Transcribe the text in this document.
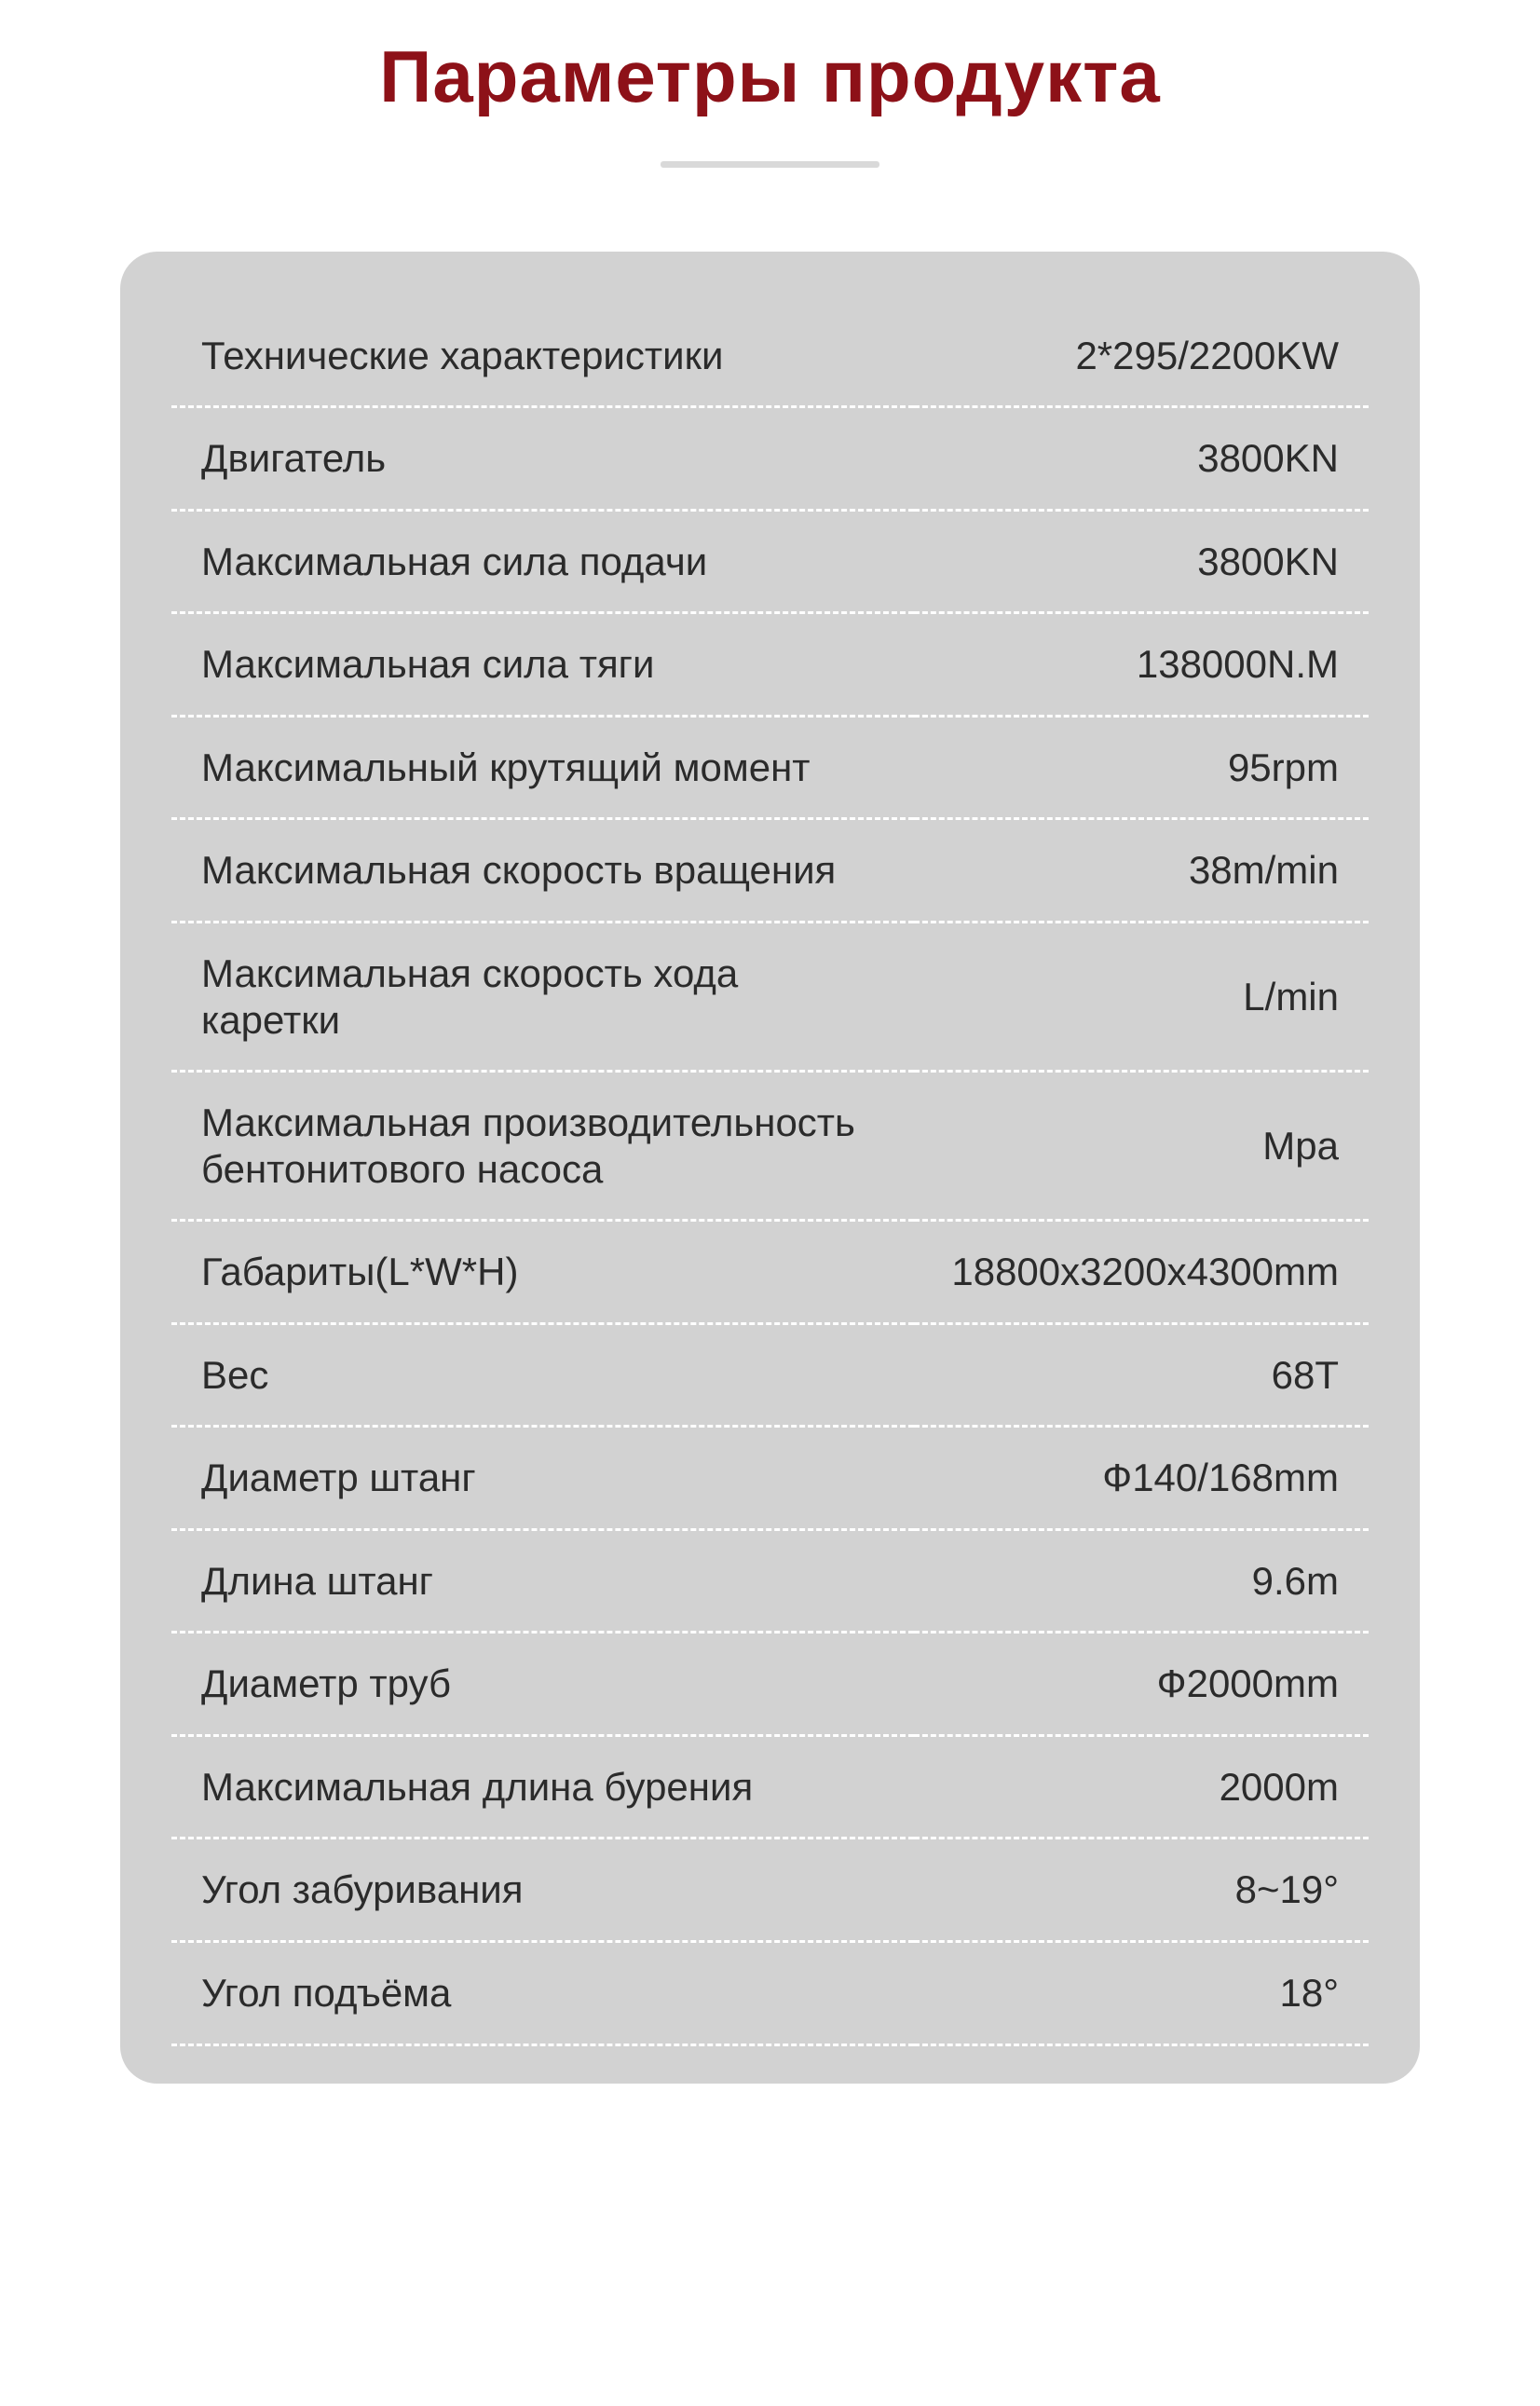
Параметры продукта
Технические характеристики	2*295/2200KW
Двигатель	3800KN
Максимальная сила подачи	3800KN
Максимальная сила тяги	138000N.M
Максимальный крутящий момент	95rpm
Максимальная скорость вращения	38m/min
Максимальная скорость хода каретки	L/min
Максимальная производительность бентонитового насоса	Mpa
Габариты(L*W*H)	18800x3200x4300mm
Вес	68T
Диаметр штанг	Ф140/168mm
Длина штанг	9.6m
Диаметр труб	Ф2000mm
Максимальная длина бурения	2000m
Угол забуривания	8~19°
Угол подъёма	18°
